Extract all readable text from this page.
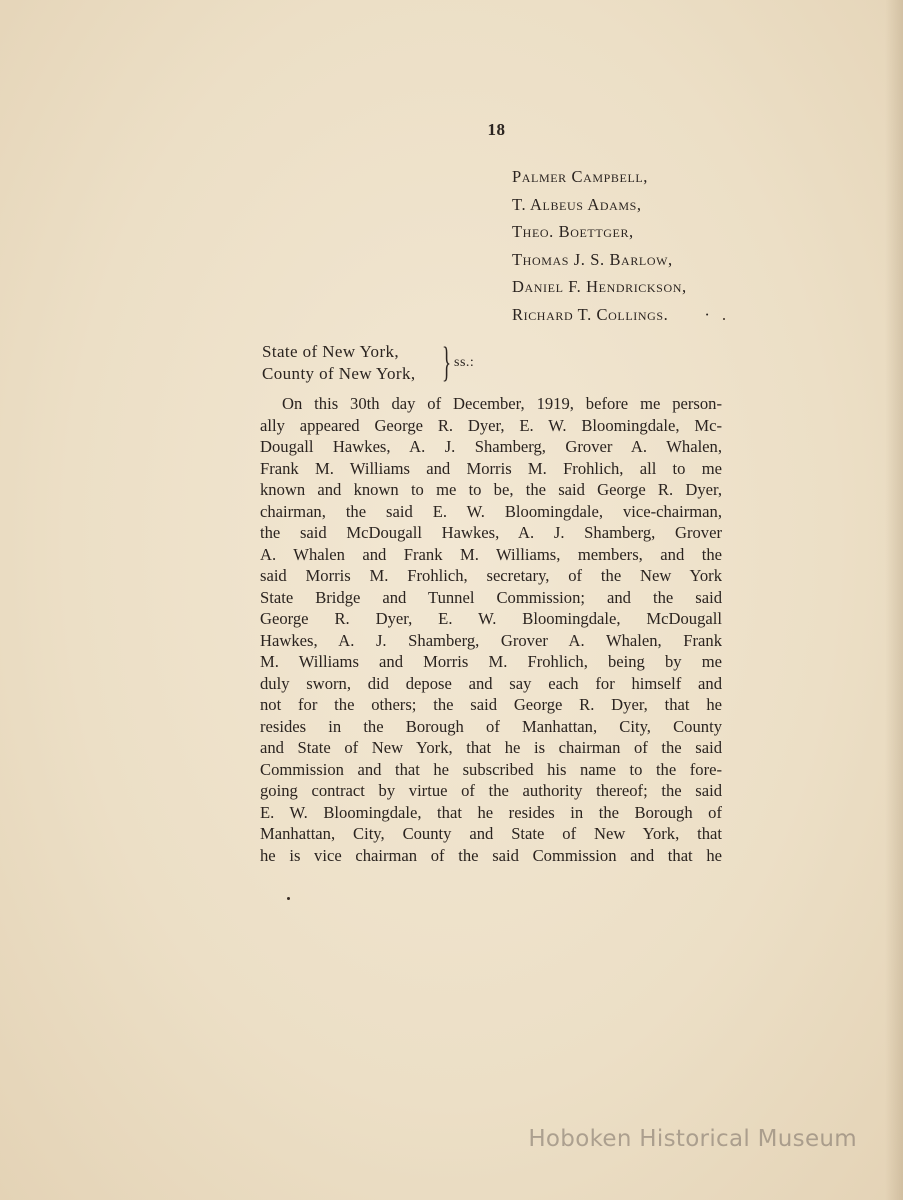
18
Palmer Campbell,
T. Albeus Adams,
Theo. Boettger,
Thomas J. S. Barlow,
Daniel F. Hendrickson,
Richard T. Collings. ·
State of New York,
County of New York, } ss.:
On this 30th day of December, 1919, before me person-
ally appeared George R. Dyer, E. W. Bloomingdale, Mc-
Dougall Hawkes, A. J. Shamberg, Grover A. Whalen,
Frank M. Williams and Morris M. Frohlich, all to me
known and known to me to be, the said George R. Dyer,
chairman, the said E. W. Bloomingdale, vice-chairman,
the said McDougall Hawkes, A. J. Shamberg, Grover
A. Whalen and Frank M. Williams, members, and the
said Morris M. Frohlich, secretary, of the New York
State Bridge and Tunnel Commission; and the said
George R. Dyer, E. W. Bloomingdale, McDougall
Hawkes, A. J. Shamberg, Grover A. Whalen, Frank
M. Williams and Morris M. Frohlich, being by me
duly sworn, did depose and say each for himself and
not for the others; the said George R. Dyer, that he
resides in the Borough of Manhattan, City, County
and State of New York, that he is chairman of the said
Commission and that he subscribed his name to the fore-
going contract by virtue of the authority thereof; the said
E. W. Bloomingdale, that he resides in the Borough of
Manhattan, City, County and State of New York, that
he is vice chairman of the said Commission and that he
Hoboken Historical Museum
